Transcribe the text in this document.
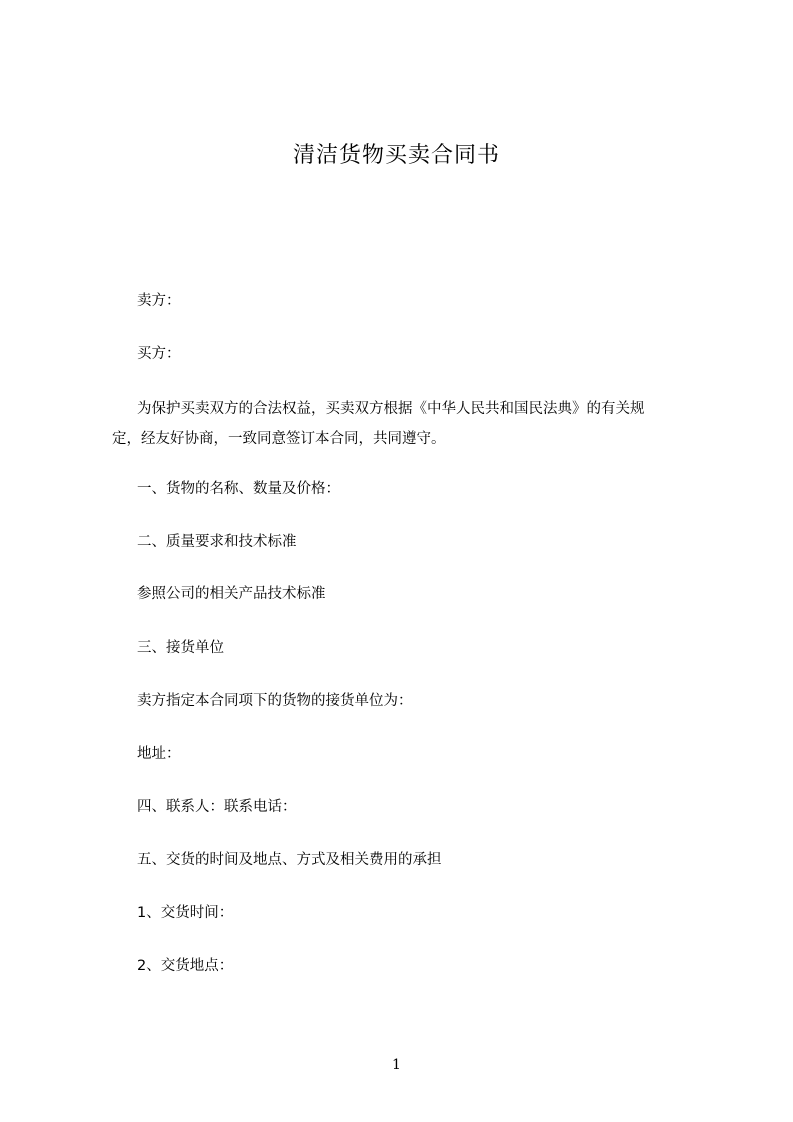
清洁货物买卖合同书
卖方：
买方：
为保护买卖双方的合法权益，买卖双方根据《中华人民共和国民法典》的有关规
定，经友好协商，一致同意签订本合同，共同遵守。
一、货物的名称、数量及价格：
二、质量要求和技术标准
参照公司的相关产品技术标准
三、接货单位
卖方指定本合同项下的货物的接货单位为：
地址：
四、联系人：联系电话：
五、交货的时间及地点、方式及相关费用的承担
1、交货时间：
2、交货地点：
1
